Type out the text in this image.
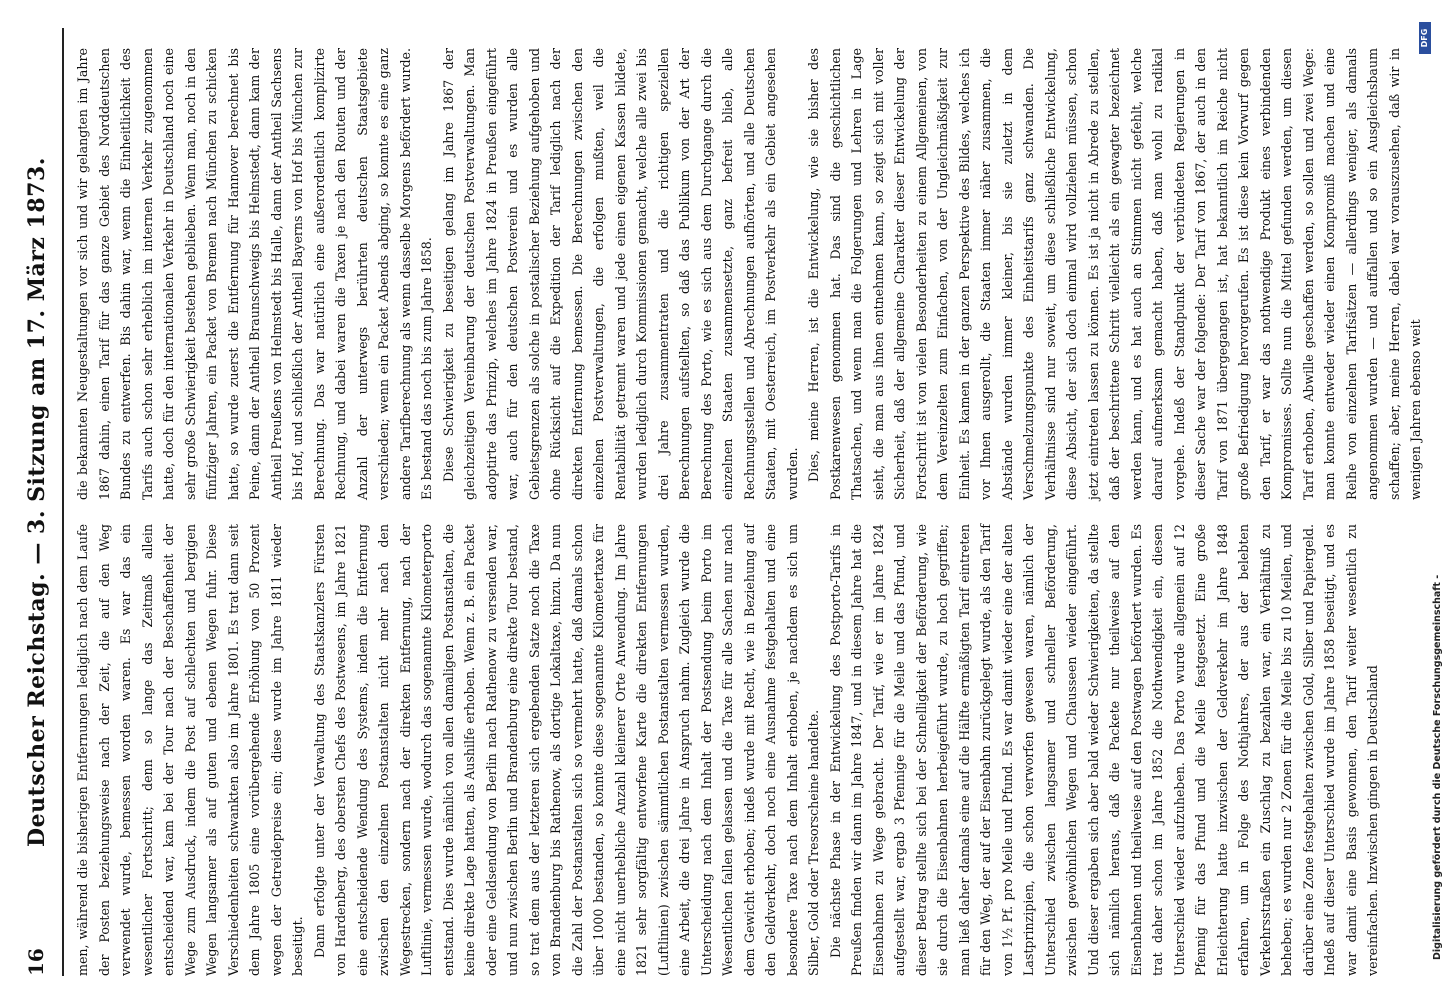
16
Deutscher Reichstag. — 3. Sitzung am 17. März 1873. men, während die bisherigen Entfernungen lediglich nach dem Laufe der Posten beziehungsweise nach der Zeit, die auf den Weg verwendet wurde, bemessen worden waren. Es war das ein wesentlicher Fortschritt; denn so lange das Zeitmaß allein entscheidend war, kam bei der Tour nach der Beschaffenheit der Wege zum Ausdruck, indem die Post auf schlechten und bergigen Wegen langsamer als auf guten und ebenen Wegen fuhr. Diese Verschiedenheiten schwankten also im Jahre 1801. Es trat dann seit dem Jahre 1805 eine vorübergehende Erhöhung von 50 Prozent wegen der Getreidepreise ein; diese wurde im Jahre 1811 wieder beseitigt. Dann erfolgte unter der Verwaltung des Staatskanzlers Fürsten von Hardenberg, des obersten Chefs des Postwesens, im Jahre 1821 eine entscheidende Wendung des Systems, indem die Entfernung zwischen den einzelnen Postanstalten nicht mehr nach den Wegestrecken, sondern nach der direkten Entfernung, nach der Luftlinie, vermessen wurde, wodurch das sogenannte Kilometerporto entstand. Dies wurde nämlich von allen damaligen Postanstalten, die keine direkte Lage hatten, als Aushilfe erhoben. Wenn z. B. ein Packet oder eine Geldsendung von Berlin nach Rathenow zu versenden war, und nun zwischen Berlin und Brandenburg eine direkte Tour bestand, so trat dem aus der letzteren sich ergebenden Satze noch die Taxe von Brandenburg bis Rathenow, als dortige Lokaltaxe, hinzu. Da nun die Zahl der Postanstalten sich so vermehrt hatte, daß damals schon über 1000 bestanden, so konnte diese sogenannte Kilometertaxe für eine nicht unerhebliche Anzahl kleinerer Orte Anwendung. Im Jahre 1821 sehr sorgfältig entworfene Karte die direkten Entfernungen (Luftlinien) zwischen sämmtlichen Postanstalten vermessen wurden, eine Arbeit, die drei Jahre in Anspruch nahm. Zugleich wurde die Unterscheidung nach dem Inhalt der Postsendung beim Porto im Wesentlichen fallen gelassen und die Taxe für alle Sachen nur nach dem Gewicht erhoben; indeß wurde mit Recht, wie in Beziehung auf den Geldverkehr, doch noch eine Ausnahme festgehalten und eine besondere Taxe nach dem Inhalt erhoben, je nachdem es sich um Silber, Gold oder Tresorscheine handelte. Die nächste Phase in der Entwickelung des Postporto-Tarifs in Preußen finden wir dann im Jahre 1847, und in diesem Jahre hat die Eisenbahnen zu Wege gebracht. Der Tarif, wie er im Jahre 1824 aufgestellt war, ergab 3 Pfennige für die Meile und das Pfund, und dieser Betrag stellte sich bei der Schnelligkeit der Beförderung, wie sie durch die Eisenbahnen herbeigeführt wurde, zu hoch gegriffen; man ließ daher damals eine auf die Hälfte ermäßigten Tarif eintreten für den Weg, der auf der Eisenbahn zurückgelegt wurde, als den Tarif von 1½ Pf. pro Meile und Pfund. Es war damit wieder eine der alten Lastprinzipien, die schon verworfen gewesen waren, nämlich der Unterschied zwischen langsamer und schneller Beförderung, zwischen gewöhnlichen Wegen und Chausseen wieder eingeführt. Und dieser ergaben sich aber bald wieder Schwierigkeiten, da stellte sich nämlich heraus, daß die Packete nur theilweise auf den Eisenbahnen und theilweise auf den Postwagen befördert wurden. Es trat daher schon im Jahre 1852 die Nothwendigkeit ein, diesen Unterschied wieder aufzuheben. Das Porto wurde allgemein auf 12 Pfennig für das Pfund und die Meile festgesetzt. Eine große Erleichterung hatte inzwischen der Geldverkehr im Jahre 1848 erfahren, um in Folge des Nothjahres, der aus der belebten Verkehrsstraßen ein Zuschlag zu bezahlen war, ein Verhältniß zu beheben; es wurden nur 2 Zonen für die Meile bis zu 10 Meilen, und darüber eine Zone festgehalten zwischen Gold, Silber und Papiergeld. Indeß auf dieser Unterschied wurde im Jahre 1858 beseitigt, und es war damit eine Basis gewonnen, den Tarif weiter wesentlich zu vereinfachen. Inzwischen gingen in Deutschland

die bekannten Neugestaltungen vor sich und wir gelangten im Jahre 1867 dahin, einen Tarif für das ganze Gebiet des Norddeutschen Bundes zu entwerfen. Bis dahin war, wenn die Einheitlichkeit des Tarifs auch schon sehr erheblich im internen Verkehr zugenommen hatte, doch für den internationalen Verkehr in Deutschland noch eine sehr große Schwierigkeit bestehen geblieben. Wenn man, noch in den fünfziger Jahren, ein Packet von Bremen nach München zu schicken hatte, so wurde zuerst die Entfernung für Hannover berechnet bis Peine, dann der Antheil Braunschweigs bis Helmstedt, dann kam der Antheil Preußens von Helmstedt bis Halle, dann der Antheil Sachsens bis Hof, und schließlich der Antheil Bayerns von Hof bis München zur Berechnung. Das war natürlich eine außerordentlich komplizirte Rechnung, und dabei waren die Taxen je nach den Routen und der Anzahl der unterwegs berührten deutschen Staatsgebiete verschieden; wenn ein Packet Abends abging, so konnte es eine ganz andere Tarifberechnung als wenn dasselbe Morgens befördert wurde. Es bestand das noch bis zum Jahre 1858. Diese Schwierigkeit zu beseitigen gelang im Jahre 1867 der gleichzeitigen Vereinbarung der deutschen Postverwaltungen. Man adoptirte das Prinzip, welches im Jahre 1824 in Preußen eingeführt war, auch für den deutschen Postverein und es wurden alle Gebietsgrenzen als solche in postalischer Beziehung aufgehoben und ohne Rücksicht auf die Expedition der Tarif lediglich nach der direkten Entfernung bemessen. Die Berechnungen zwischen den einzelnen Postverwaltungen, die erfolgen mußten, weil die Rentabilität getrennt waren und jede einen eigenen Kassen bildete, wurden lediglich durch Kommissionen gemacht, welche alle zwei bis drei Jahre zusammentraten und die richtigen speziellen Berechnungen aufstellten, so daß das Publikum von der Art der Berechnung des Porto, wie es sich aus dem Durchgange durch die einzelnen Staaten zusammensetzte, ganz befreit blieb, alle Rechnungsstellen und Abrechnungen aufhörten, und alle Deutschen Staaten, mit Oesterreich, im Postverkehr als ein Gebiet angesehen wurden. Dies, meine Herren, ist die Entwickelung, wie sie bisher des Postkarenwesen genommen hat. Das sind die geschichtlichen Thatsachen, und wenn man die Folgerungen und Lehren in Lage sieht, die man aus ihnen entnehmen kann, so zeigt sich mit voller Sicherheit, daß der allgemeine Charakter dieser Entwickelung der Fortschritt ist von vielen Besonderheiten zu einem Allgemeinen, von dem Vereinzelten zum Einfachen, von der Ungleichmäßigkeit zur Einheit. Es kamen in der ganzen Perspektive des Bildes, welches ich vor Ihnen ausgerollt, die Staaten immer näher zusammen, die Abstände wurden immer kleiner, bis sie zuletzt in dem Verschmelzungspunkte des Einheitstarifs ganz schwanden. Die Verhältnisse sind nur soweit, um diese schließliche Entwickelung, diese Absicht, der sich doch einmal wird vollziehen müssen, schon jetzt eintreten lassen zu können. Es ist ja nicht in Abrede zu stellen, daß der beschrittene Schritt vielleicht als ein gewagter bezeichnet werden kann, und es hat auch an Stimmen nicht gefehlt, welche darauf aufmerksam gemacht haben, daß man wohl zu radikal vorgehe. Indeß der Standpunkt der verbündeten Regierungen in dieser Sache war der folgende: Der Tarif von 1867, der auch in den Tarif von 1871 übergegangen ist, hat bekanntlich im Reiche nicht große Befriedigung hervorgerufen. Es ist diese kein Vorwurf gegen den Tarif, er war das nothwendige Produkt eines verbindenden Kompromisses. Sollte nun die Mittel gefunden werden, um diesen Tarif erhoben, Abwille geschaffen werden, so sollen und zwei Wege: man konnte entweder wieder einen Kompromiß machen und eine Reihe von einzelnen Tarifsätzen — allerdings weniger, als damals angenommen wurden — und auffallen und so ein Ausgleichsbaum schaffen; aber, meine Herren, dabei war vorauszusehen, daß wir in wenigen Jahren ebenso weit

Digitalisierung gefördert durch die Deutsche Forschungsgemeinschaft -
DFG
